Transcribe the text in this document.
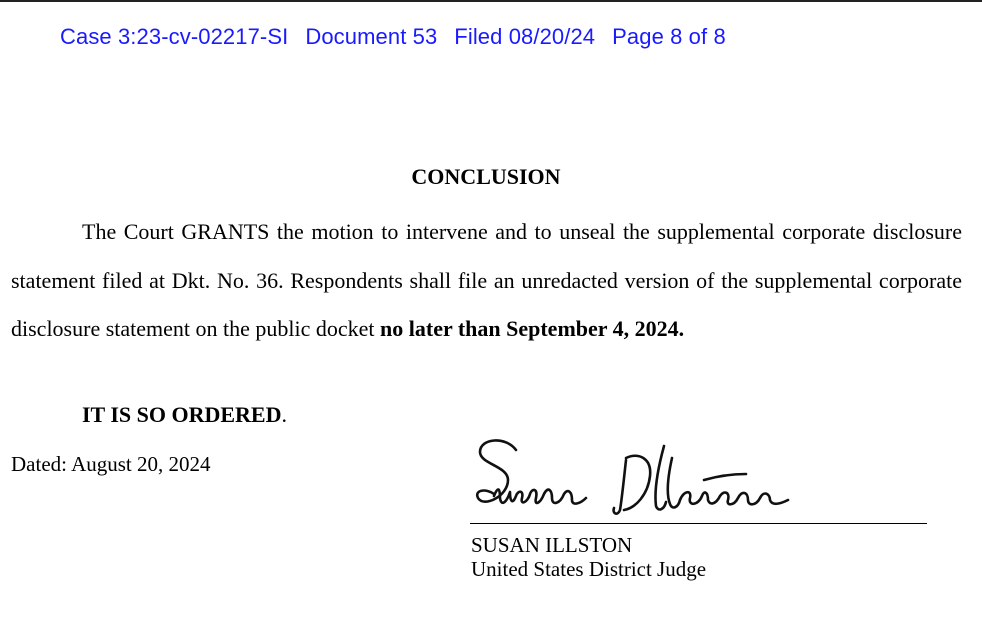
Case 3:23-cv-02217-SI Document 53 Filed 08/20/24 Page 8 of 8
CONCLUSION
The Court GRANTS the motion to intervene and to unseal the supplemental corporate disclosure statement filed at Dkt. No. 36. Respondents shall file an unredacted version of the supplemental corporate disclosure statement on the public docket no later than September 4, 2024.
IT IS SO ORDERED.
Dated: August 20, 2024
SUSAN ILLSTON
United States District Judge
